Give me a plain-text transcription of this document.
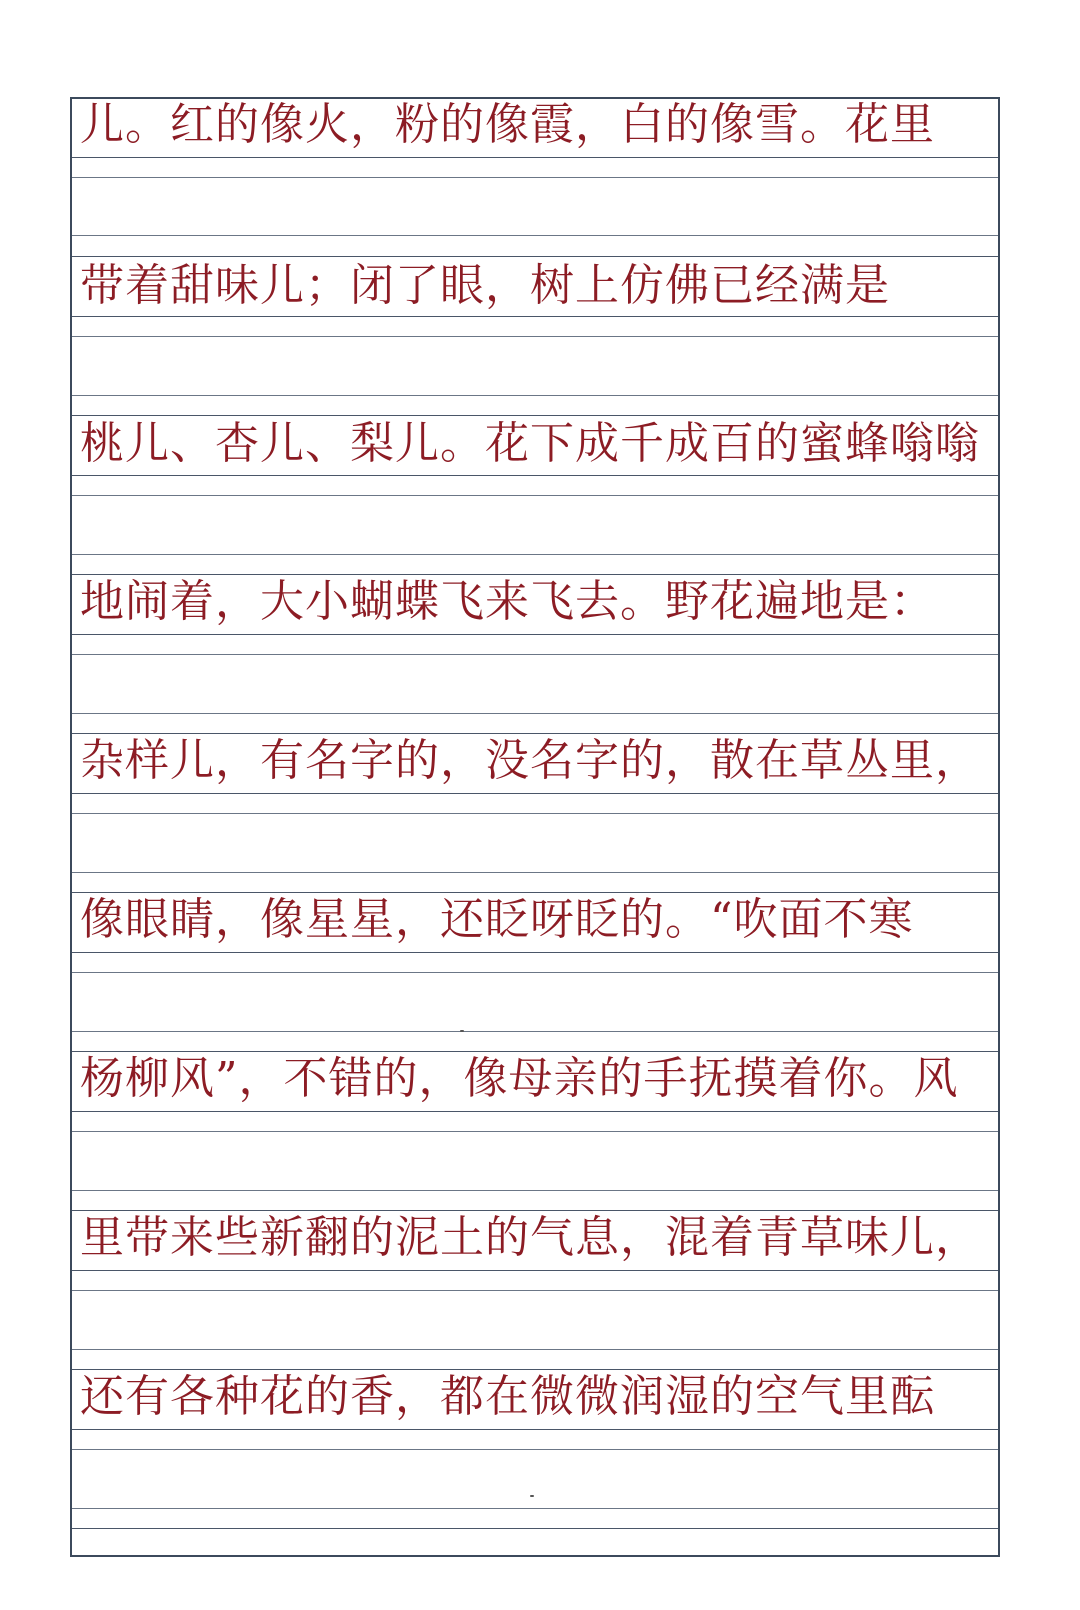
儿。红的像火，粉的像霞，白的像雪。花里
带着甜味儿；闭了眼，树上仿佛已经满是
桃儿、杏儿、梨儿。花下成千成百的蜜蜂嗡嗡
地闹着，大小蝴蝶飞来飞去。野花遍地是：
杂样儿，有名字的，没名字的，散在草丛里，
像眼睛，像星星，还眨呀眨的。“吹面不寒
杨柳风”，不错的，像母亲的手抚摸着你。风
里带来些新翻的泥土的气息，混着青草味儿，
还有各种花的香，都在微微润湿的空气里酝
